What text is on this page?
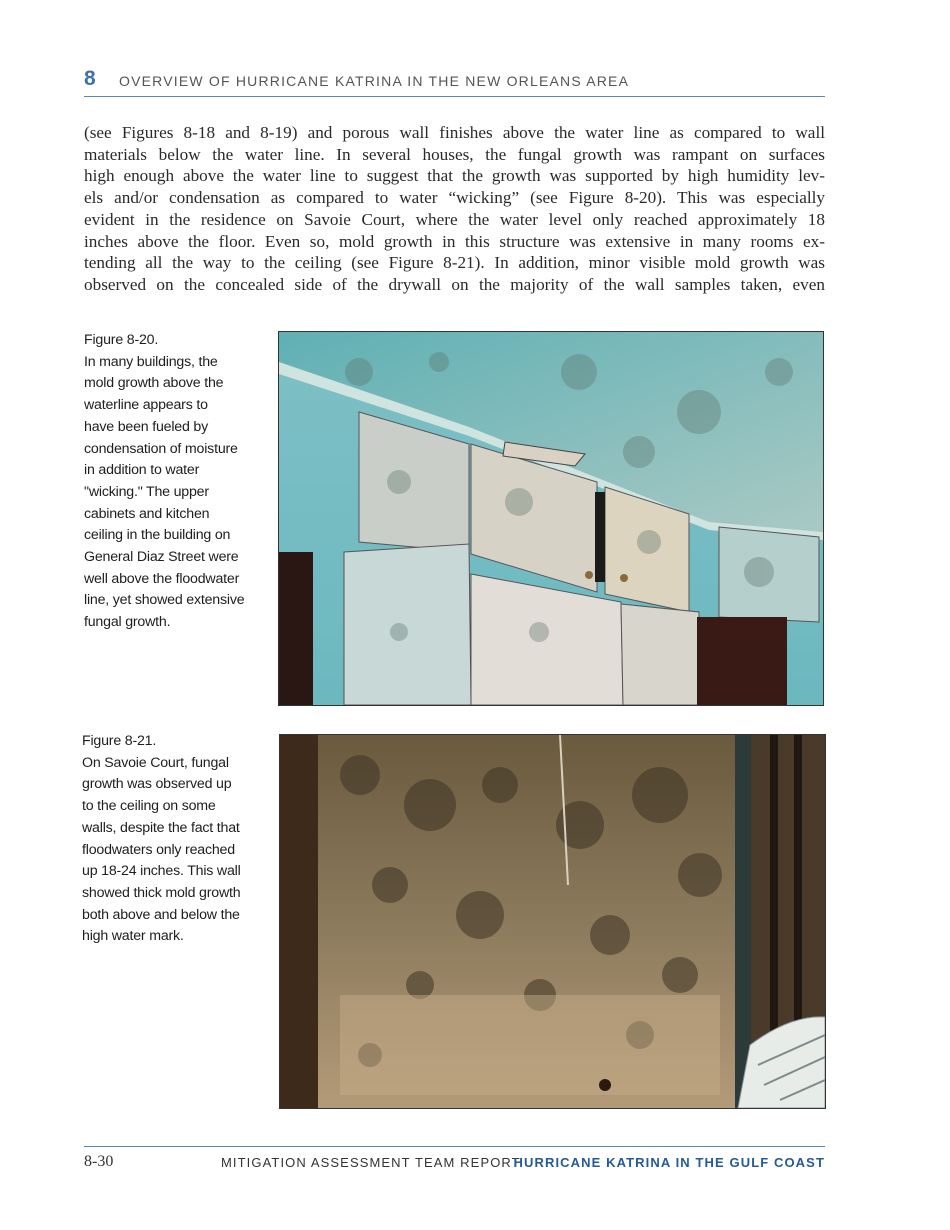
8 OVERVIEW OF HURRICANE KATRINA IN THE NEW ORLEANS AREA
(see Figures 8-18 and 8-19) and porous wall finishes above the water line as compared to wall
materials below the water line. In several houses, the fungal growth was rampant on surfaces
high enough above the water line to suggest that the growth was supported by high humidity lev-
els and/or condensation as compared to water “wicking” (see Figure 8-20). This was especially
evident in the residence on Savoie Court, where the water level only reached approximately 18
inches above the floor. Even so, mold growth in this structure was extensive in many rooms ex-
tending all the way to the ceiling (see Figure 8-21). In addition, minor visible mold growth was
observed on the concealed side of the drywall on the majority of the wall samples taken, even
Figure 8-20.
In many buildings, the
mold growth above the
waterline appears to
have been fueled by
condensation of moisture
in addition to water
"wicking." The upper
cabinets and kitchen
ceiling in the building on
General Diaz Street were
well above the floodwater
line, yet showed extensive
fungal growth.
Figure 8-21.
On Savoie Court, fungal
growth was observed up
to the ceiling on some
walls, despite the fact that
floodwaters only reached
up 18-24 inches. This wall
showed thick mold growth
both above and below the
high water mark.
8-30	MITIGATION ASSESSMENT TEAM REPORT
HURRICANE KATRINA IN THE GULF COAST
